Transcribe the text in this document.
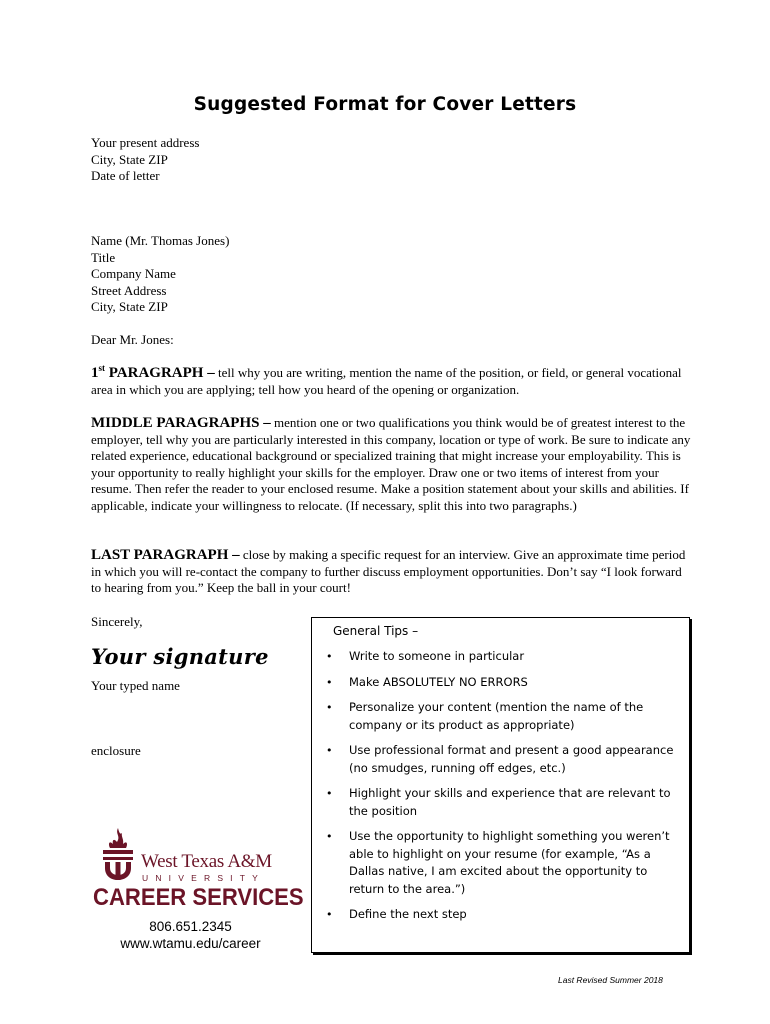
Suggested Format for Cover Letters
Your present address
City, State ZIP
Date of letter
Name (Mr. Thomas Jones)
Title
Company Name
Street Address
City, State ZIP
Dear Mr. Jones:
1st PARAGRAPH – tell why you are writing, mention the name of the position, or field, or general vocational area in which you are applying; tell how you heard of the opening or organization.
MIDDLE PARAGRAPHS – mention one or two qualifications you think would be of greatest interest to the employer, tell why you are particularly interested in this company, location or type of work. Be sure to indicate any related experience, educational background or specialized training that might increase your employability. This is your opportunity to really highlight your skills for the employer. Draw one or two items of interest from your resume. Then refer the reader to your enclosed resume. Make a position statement about your skills and abilities. If applicable, indicate your willingness to relocate. (If necessary, split this into two paragraphs.)
LAST PARAGRAPH – close by making a specific request for an interview. Give an approximate time period in which you will re-contact the company to further discuss employment opportunities. Don’t say “I look forward to hearing from you.” Keep the ball in your court!
Sincerely,
Your signature
Your typed name
enclosure
General Tips –
• Write to someone in particular
• Make ABSOLUTELY NO ERRORS
• Personalize your content (mention the name of the company or its product as appropriate)
• Use professional format and present a good appearance (no smudges, running off edges, etc.)
• Highlight your skills and experience that are relevant to the position
• Use the opportunity to highlight something you weren’t able to highlight on your resume (for example, “As a Dallas native, I am excited about the opportunity to return to the area.”)
• Define the next step
West Texas A&M
UNIVERSITY
CAREER SERVICES
806.651.2345
www.wtamu.edu/career
Last Revised Summer 2018
